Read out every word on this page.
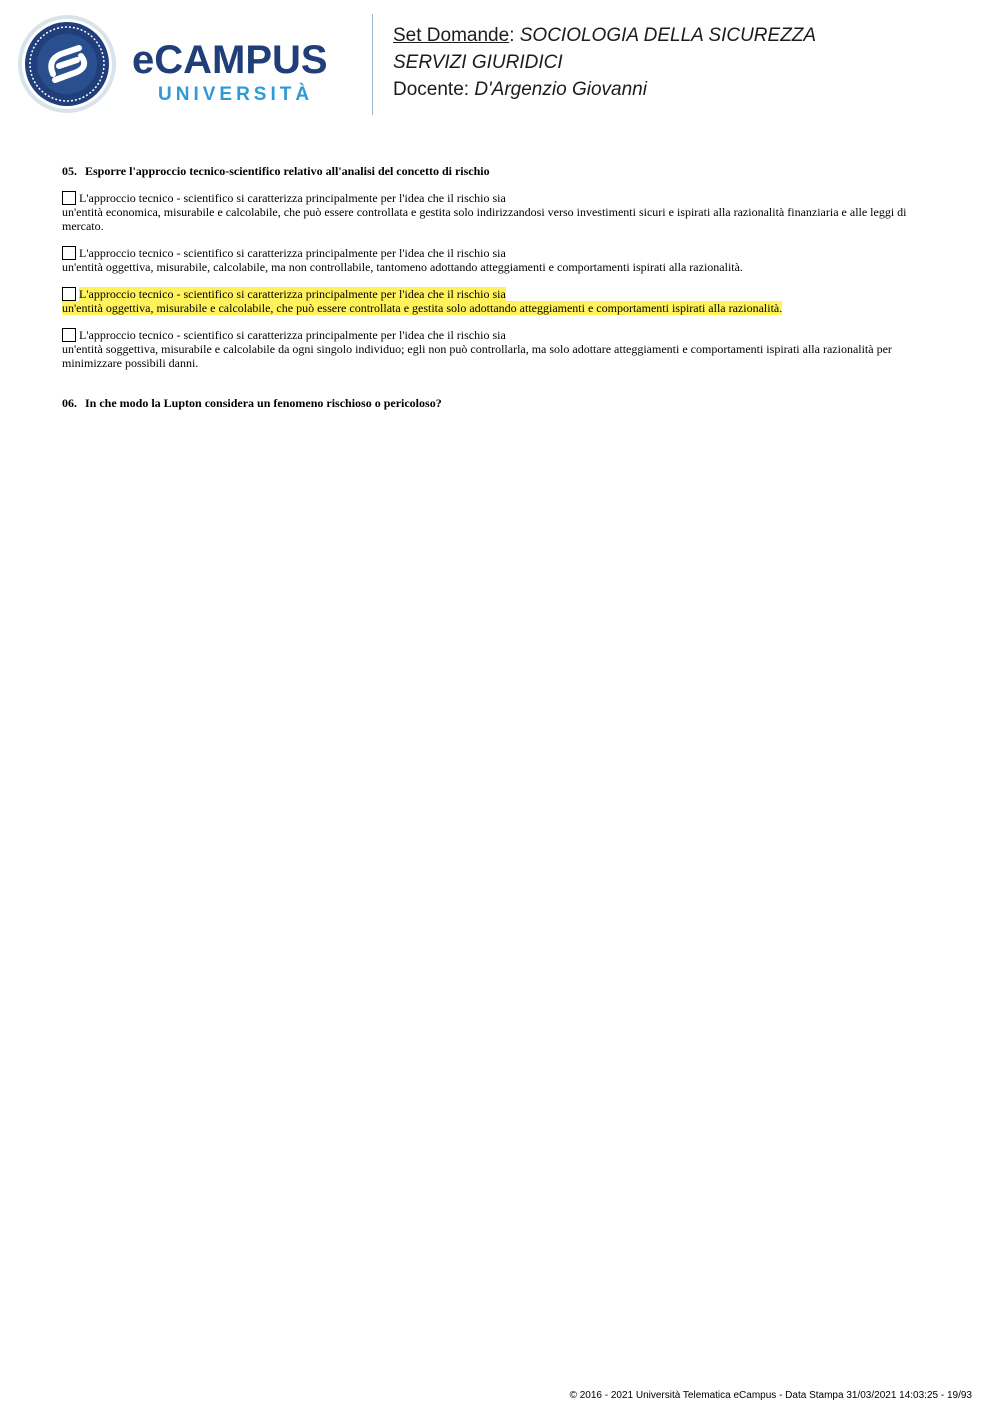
eCAMPUS
UNIVERSITÀ
Set Domande: SOCIOLOGIA DELLA SICUREZZA
SERVIZI GIURIDICI
Docente: D'Argenzio Giovanni
05. Esporre l'approccio tecnico-scientifico relativo all'analisi del concetto di rischio
L'approccio tecnico - scientifico si caratterizza principalmente per l'idea che il rischio sia
un'entità economica, misurabile e calcolabile, che può essere controllata e gestita solo indirizzandosi verso investimenti sicuri e ispirati alla razionalità finanziaria e alle leggi di mercato.
L'approccio tecnico - scientifico si caratterizza principalmente per l'idea che il rischio sia
un'entità oggettiva, misurabile, calcolabile, ma non controllabile, tantomeno adottando atteggiamenti e comportamenti ispirati alla razionalità.
L'approccio tecnico - scientifico si caratterizza principalmente per l'idea che il rischio sia
un'entità oggettiva, misurabile e calcolabile, che può essere controllata e gestita solo adottando atteggiamenti e comportamenti ispirati alla razionalità.
L'approccio tecnico - scientifico si caratterizza principalmente per l'idea che il rischio sia
un'entità soggettiva, misurabile e calcolabile da ogni singolo individuo; egli non può controllarla, ma solo adottare atteggiamenti e comportamenti ispirati alla razionalità per minimizzare possibili danni.
06. In che modo la Lupton considera un fenomeno rischioso o pericoloso?
© 2016 - 2021 Università Telematica eCampus - Data Stampa 31/03/2021 14:03:25 - 19/93
